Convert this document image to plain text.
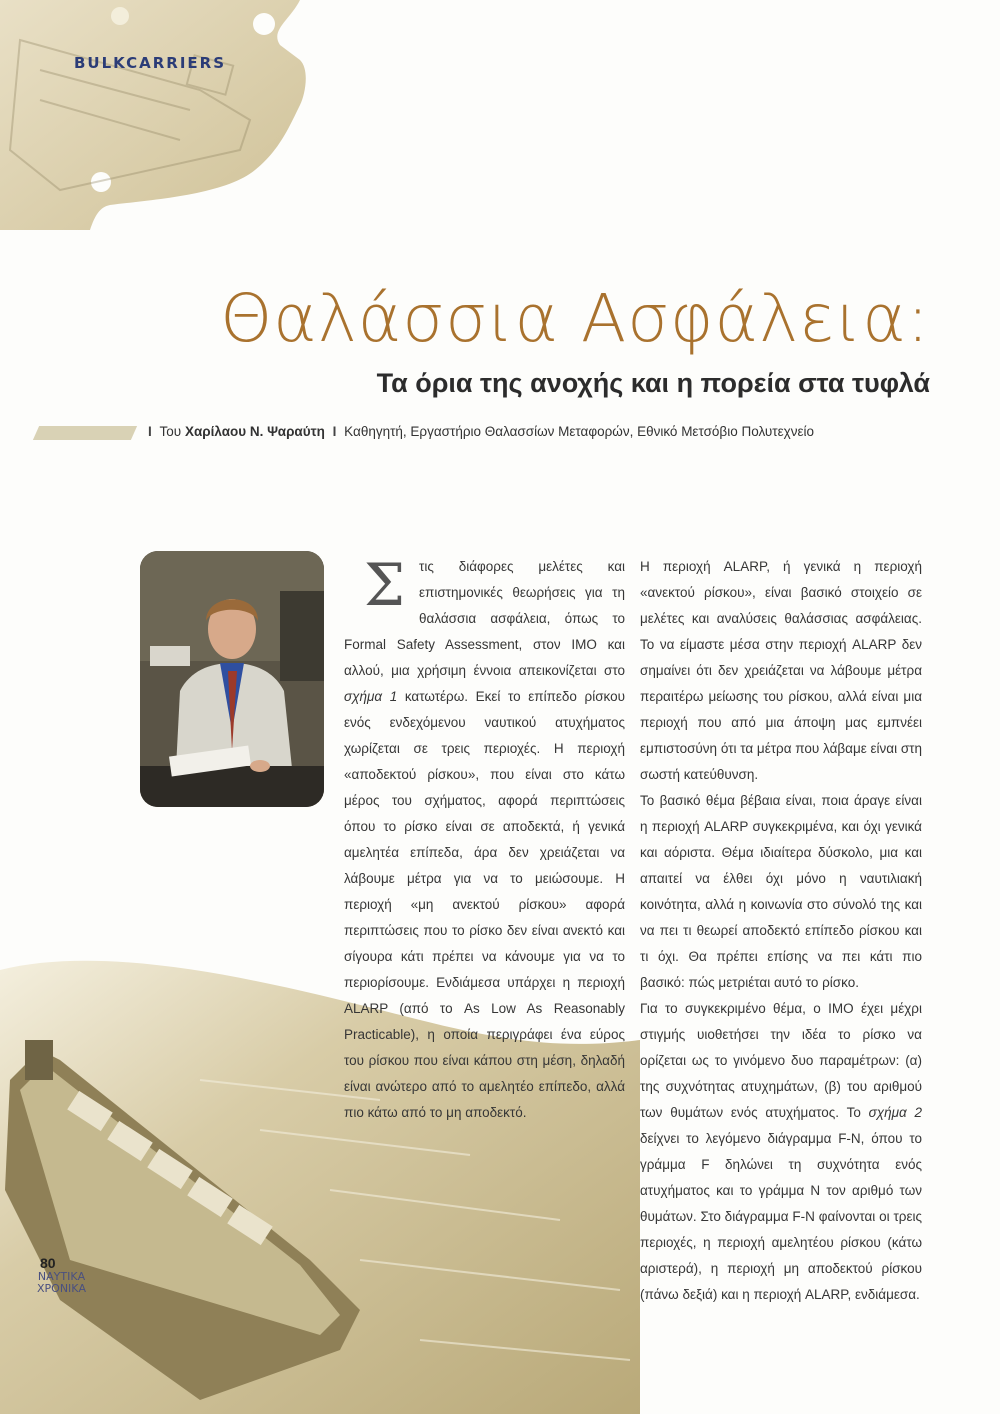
BULKCARRIERS
Θαλάσσια Ασφάλεια:
Τα όρια της ανοχής και η πορεία στα τυφλά
I Του Χαρίλαου Ν. Ψαραύτη I Καθηγητή, Εργαστήριο Θαλασσίων Μεταφορών, Εθνικό Μετσόβιο Πολυτεχνείο

Σ τις διάφορες μελέτες και επιστημονικές θεωρήσεις για τη θαλάσσια ασφάλεια, όπως το Formal Safety Assessment, στον IMO και αλλού, μια χρήσιμη έννοια απεικονίζεται στο σχήμα 1 κατωτέρω. Εκεί το επίπεδο ρίσκου ενός ενδεχόμενου ναυτικού ατυχήματος χωρίζεται σε τρεις περιοχές. Η περιοχή «αποδεκτού ρίσκου», που είναι στο κάτω μέρος του σχήματος, αφορά περιπτώσεις όπου το ρίσκο είναι σε αποδεκτά, ή γενικά αμελητέα επίπεδα, άρα δεν χρειάζεται να λάβουμε μέτρα για να το μειώσουμε. Η περιοχή «μη ανεκτού ρίσκου» αφορά περιπτώσεις που το ρίσκο δεν είναι ανεκτό και σίγουρα κάτι πρέπει να κάνουμε για να το περιορίσουμε. Ενδιάμεσα υπάρχει η περιοχή ALARP (από το As Low As Reasonably Practicable), η οποία περιγράφει ένα εύρος του ρίσκου που είναι κάπου στη μέση, δηλαδή είναι ανώτερο από το αμελητέο επίπεδο, αλλά πιο κάτω από το μη αποδεκτό.

Η περιοχή ALARP, ή γενικά η περιοχή «ανεκτού ρίσκου», είναι βασικό στοιχείο σε μελέτες και αναλύσεις θαλάσσιας ασφάλειας. Το να είμαστε μέσα στην περιοχή ALARP δεν σημαίνει ότι δεν χρειάζεται να λάβουμε μέτρα περαιτέρω μείωσης του ρίσκου, αλλά είναι μια περιοχή που από μια άποψη μας εμπνέει εμπιστοσύνη ότι τα μέτρα που λάβαμε είναι στη σωστή κατεύθυνση.

Το βασικό θέμα βέβαια είναι, ποια άραγε είναι η περιοχή ALARP συγκεκριμένα, και όχι γενικά και αόριστα. Θέμα ιδιαίτερα δύσκολο, μια και απαιτεί να έλθει όχι μόνο η ναυτιλιακή κοινότητα, αλλά η κοινωνία στο σύνολό της και να πει τι θεωρεί αποδεκτό επίπεδο ρίσκου και τι όχι. Θα πρέπει επίσης να πει κάτι πιο βασικό: πώς μετριέται αυτό το ρίσκο.

Για το συγκεκριμένο θέμα, ο IMO έχει μέχρι στιγμής υιοθετήσει την ιδέα το ρίσκο να ορίζεται ως το γινόμενο δυο παραμέτρων: (α) της συχνότητας ατυχημάτων, (β) του αριθμού των θυμάτων ενός ατυχήματος. Το σχήμα 2 δείχνει το λεγόμενο διάγραμμα F-N, όπου το γράμμα F δηλώνει τη συχνότητα ενός ατυχήματος και το γράμμα N τον αριθμό των θυμάτων. Στο διάγραμμα F-N φαίνονται οι τρεις περιοχές, η περιοχή αμελητέου ρίσκου (κάτω αριστερά), η περιοχή μη αποδεκτού ρίσκου (πάνω δεξιά) και η περιοχή ALARP, ενδιάμεσα.

80
ΝΑΥΤΙΚΑ
ΧΡΟΝΙΚΑ
